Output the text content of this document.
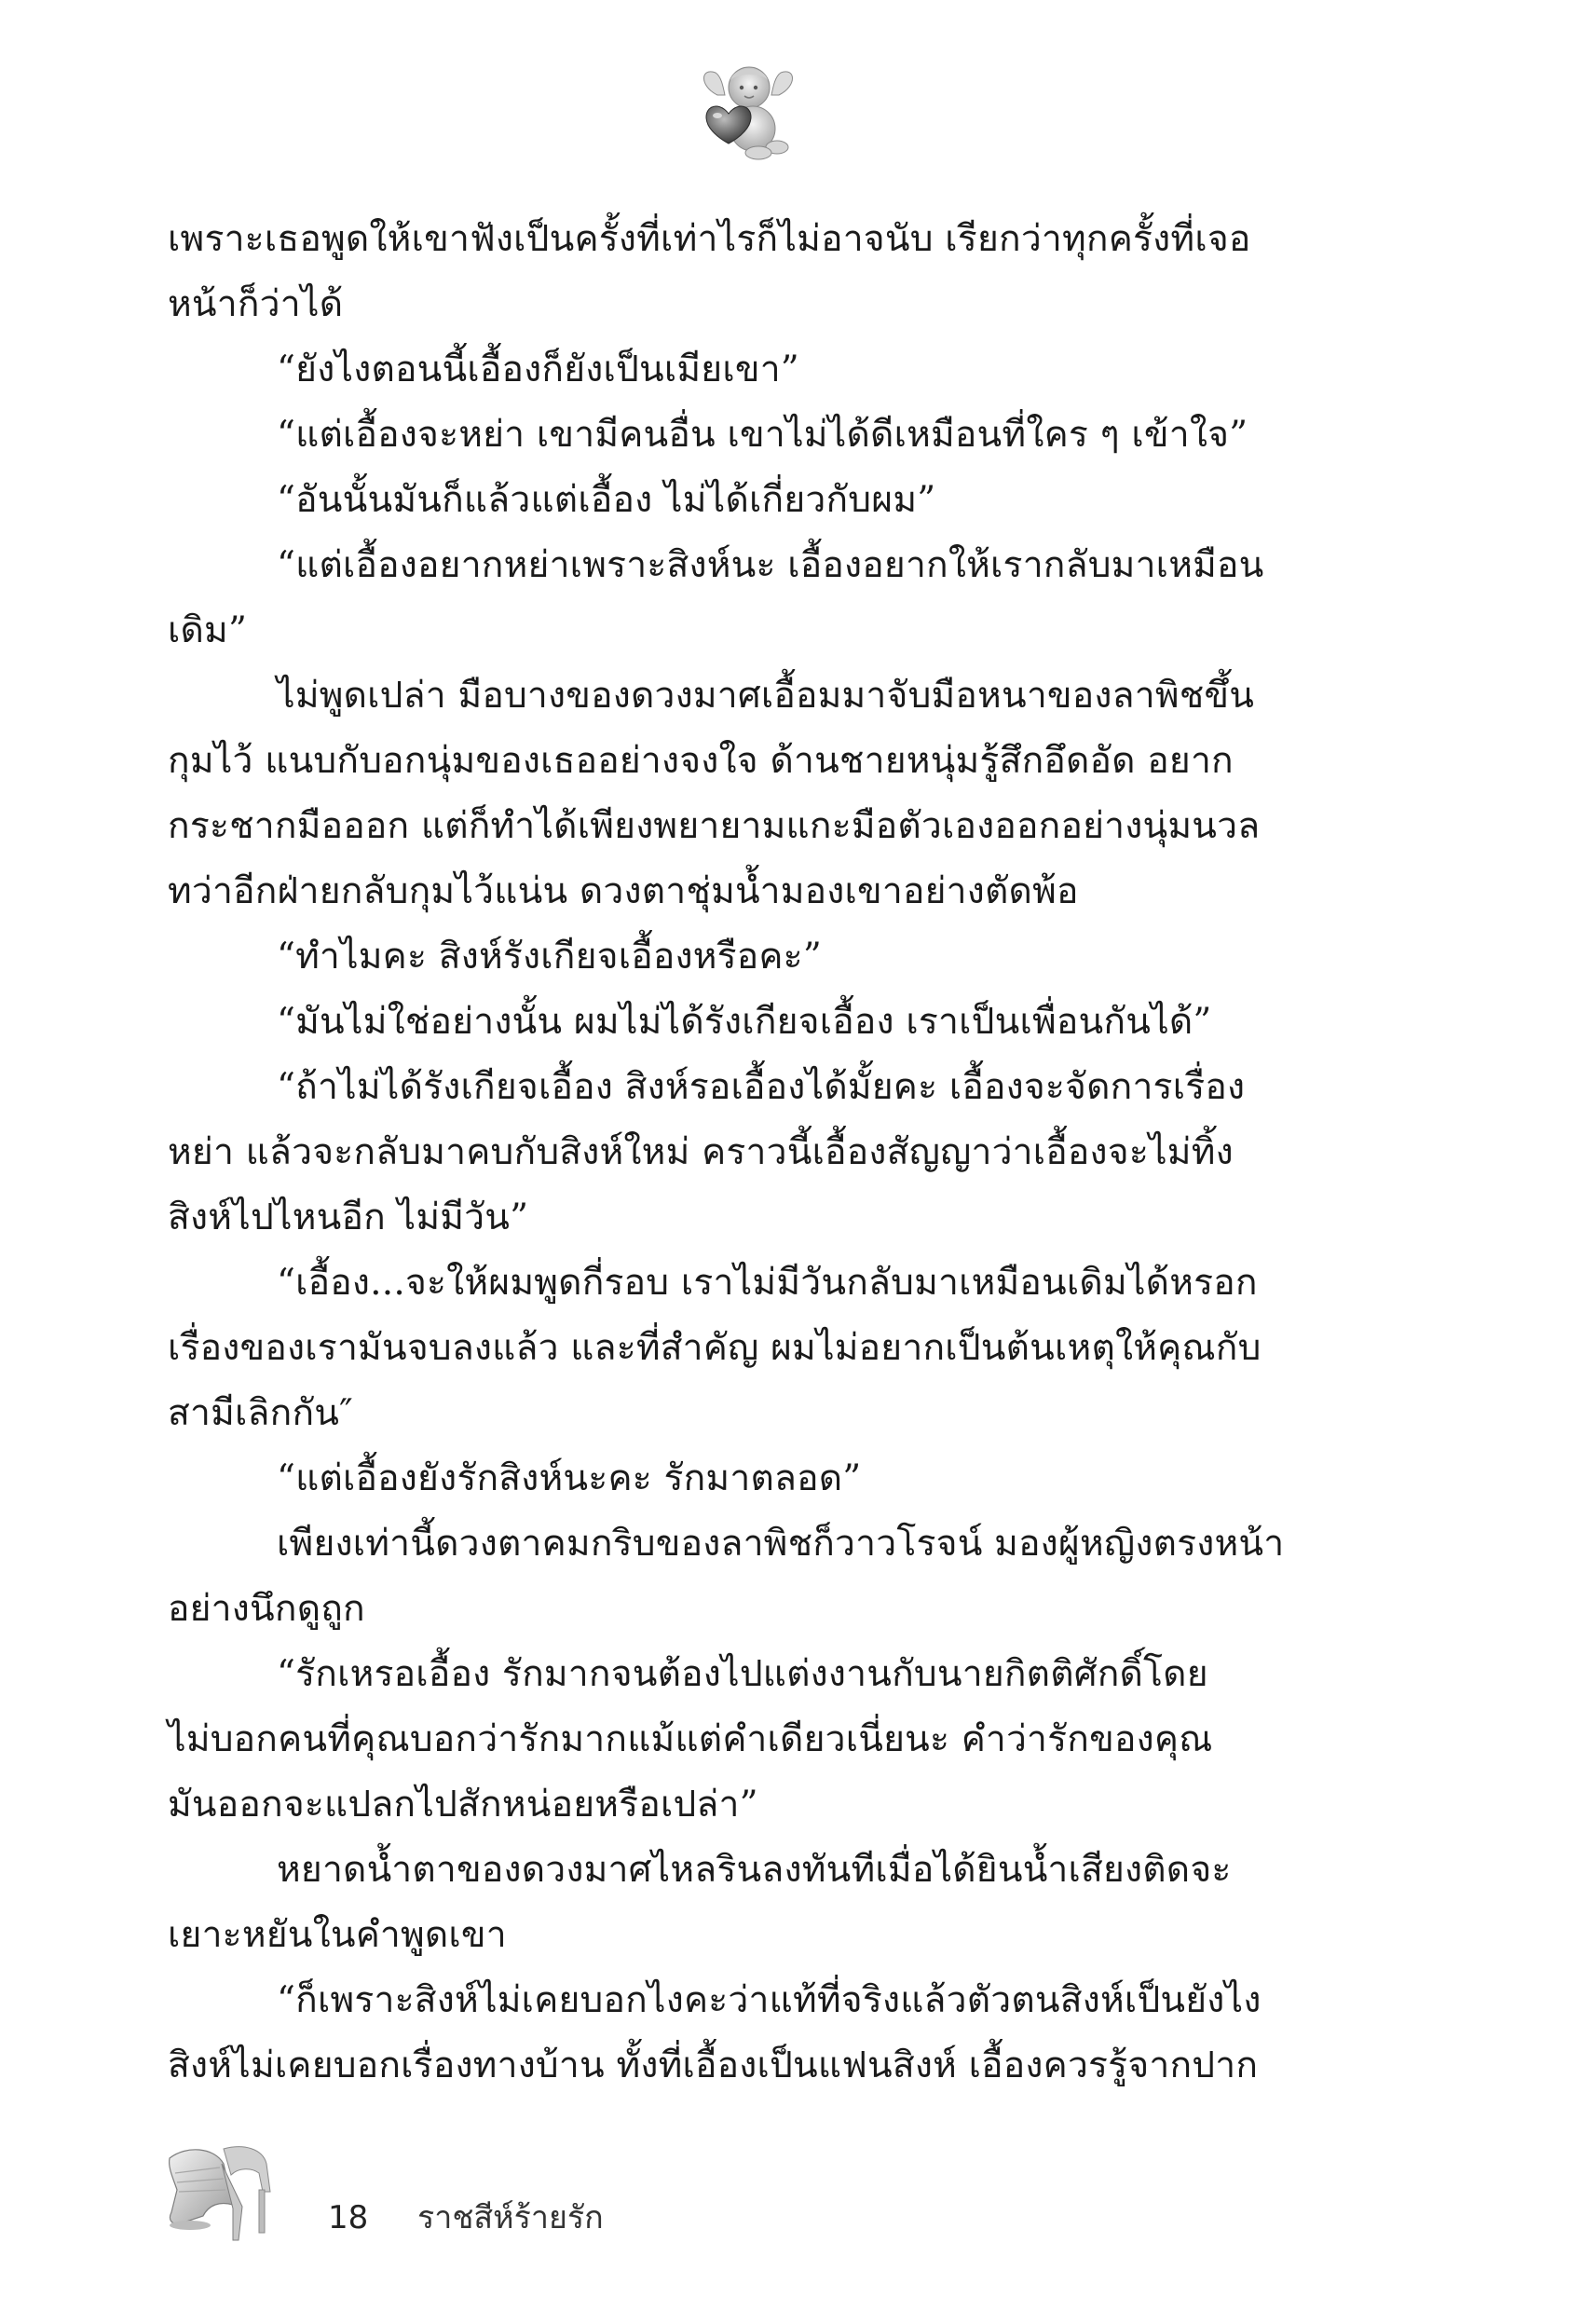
เพราะเธอพูดให้เขาฟังเป็นครั้งที่เท่าไรก็ไม่อาจนับ เรียกว่าทุกครั้งที่เจอ
หน้าก็ว่าได้
“ยังไงตอนนี้เอื้องก็ยังเป็นเมียเขา”
“แต่เอื้องจะหย่า เขามีคนอื่น เขาไม่ได้ดีเหมือนที่ใคร ๆ เข้าใจ”
“อันนั้นมันก็แล้วแต่เอื้อง ไม่ได้เกี่ยวกับผม”
“แต่เอื้องอยากหย่าเพราะสิงห์นะ เอื้องอยากให้เรากลับมาเหมือน
เดิม”
ไม่พูดเปล่า มือบางของดวงมาศเอื้อมมาจับมือหนาของลาพิชขึ้น
กุมไว้ แนบกับอกนุ่มของเธออย่างจงใจ ด้านชายหนุ่มรู้สึกอึดอัด อยาก
กระชากมือออก แต่ก็ทำได้เพียงพยายามแกะมือตัวเองออกอย่างนุ่มนวล
ทว่าอีกฝ่ายกลับกุมไว้แน่น ดวงตาชุ่มน้ำมองเขาอย่างตัดพ้อ
“ทำไมคะ สิงห์รังเกียจเอื้องหรือคะ”
“มันไม่ใช่อย่างนั้น ผมไม่ได้รังเกียจเอื้อง เราเป็นเพื่อนกันได้”
“ถ้าไม่ได้รังเกียจเอื้อง สิงห์รอเอื้องได้มั้ยคะ เอื้องจะจัดการเรื่อง
หย่า แล้วจะกลับมาคบกับสิงห์ใหม่ คราวนี้เอื้องสัญญาว่าเอื้องจะไม่ทิ้ง
สิงห์ไปไหนอีก ไม่มีวัน”
“เอื้อง...จะให้ผมพูดกี่รอบ เราไม่มีวันกลับมาเหมือนเดิมได้หรอก
เรื่องของเรามันจบลงแล้ว และที่สำคัญ ผมไม่อยากเป็นต้นเหตุให้คุณกับ
สามีเลิกกัน″
“แต่เอื้องยังรักสิงห์นะคะ รักมาตลอด”
เพียงเท่านี้ดวงตาคมกริบของลาพิชก็วาวโรจน์ มองผู้หญิงตรงหน้า
อย่างนึกดูถูก
“รักเหรอเอื้อง รักมากจนต้องไปแต่งงานกับนายกิตติศักดิ์โดย
ไม่บอกคนที่คุณบอกว่ารักมากแม้แต่คำเดียวเนี่ยนะ คำว่ารักของคุณ
มันออกจะแปลกไปสักหน่อยหรือเปล่า”
หยาดน้ำตาของดวงมาศไหลรินลงทันทีเมื่อได้ยินน้ำเสียงติดจะ
เยาะหยันในคำพูดเขา
“ก็เพราะสิงห์ไม่เคยบอกไงคะว่าแท้ที่จริงแล้วตัวตนสิงห์เป็นยังไง
สิงห์ไม่เคยบอกเรื่องทางบ้าน ทั้งที่เอื้องเป็นแฟนสิงห์ เอื้องควรรู้จากปาก
18 ราชสีห์ร้ายรัก
